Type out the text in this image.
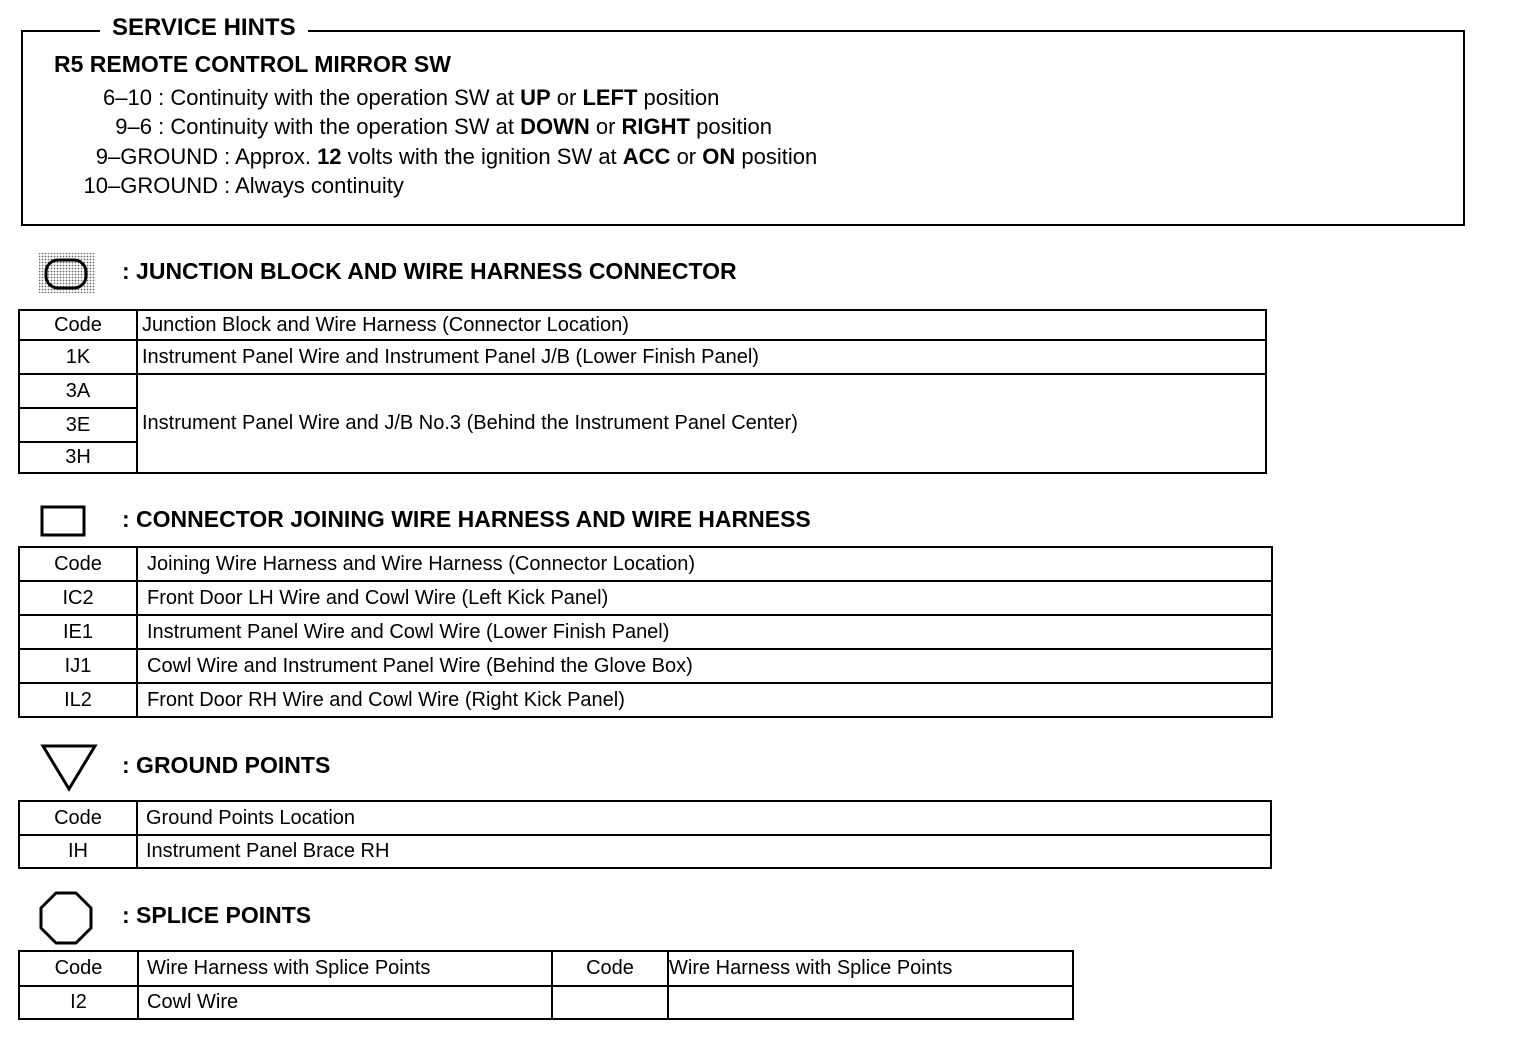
SERVICE HINTS
R5 REMOTE CONTROL MIRROR SW
6–10 : Continuity with the operation SW at UP or LEFT position
9–6 : Continuity with the operation SW at DOWN or RIGHT position
9–GROUND : Approx. 12 volts with the ignition SW at ACC or ON position
10–GROUND : Always continuity
: JUNCTION BLOCK AND WIRE HARNESS CONNECTOR
Code	Junction Block and Wire Harness (Connector Location)
1K	Instrument Panel Wire and Instrument Panel J/B (Lower Finish Panel)
3A	Instrument Panel Wire and J/B No.3 (Behind the Instrument Panel Center)
3E	
3H	
: CONNECTOR JOINING WIRE HARNESS AND WIRE HARNESS
Code	Joining Wire Harness and Wire Harness (Connector Location)
IC2	Front Door LH Wire and Cowl Wire (Left Kick Panel)
IE1	Instrument Panel Wire and Cowl Wire (Lower Finish Panel)
IJ1	Cowl Wire and Instrument Panel Wire (Behind the Glove Box)
IL2	Front Door RH Wire and Cowl Wire (Right Kick Panel)
: GROUND POINTS
Code	Ground Points Location
IH	Instrument Panel Brace RH
: SPLICE POINTS
Code	Wire Harness with Splice Points	Code	Wire Harness with Splice Points
I2	Cowl Wire		
